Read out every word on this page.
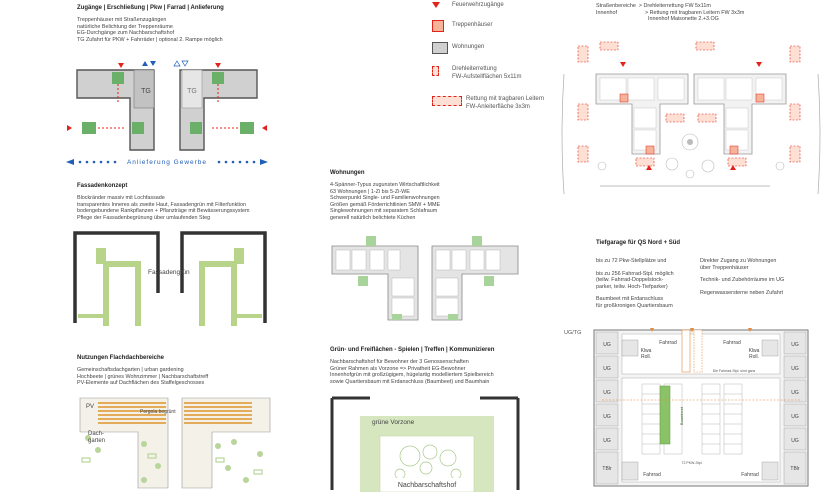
Zugänge | Erschließung | Pkw | Farrad | Anlieferung
Treppenhäuser mit Straßenzugängen
natürliche Belichtung der Treppenräume
EG-Durchgänge zum Nachbarschaftshof
TG Zufahrt für PKW + Fahrräder | optional 2. Rampe möglich
TG	TG
Anlieferung Gewerbe
Fassadenkonzept
Blockränder massiv mit Lochfassade
transparentes Inneres als zweite Haut, Fassadengrün mit Filterfunktion
bodengebundene Rankpflanzen + Pflanzträge mit Bewässerungssystem
Pflege der Fassadenbegrünung über umlaufenden Steg
Fassadengrün
Nutzungen Flachdachbereiche
Gemeinschaftsdachgarten | urban gardening
Hochbeete | grünes Wohnzimmer | Nachbarschaftstreff
PV-Elemente auf Dachflächen des Staffelgeschosses
PV
Pergola begrünt
Dach-
garten
Feuerwehrzugänge
Treppenhäuser
Wohnungen
Drehleiterrettung
FW-Aufstellflächen 5x11m
Rettung mit tragbaren Leitern
FW-Anleiterfläche 3x3m
Straßenbereiche > Drehleiterrettung FW 5x11m
Innenhof	> Rettung mit tragbaren Leitern FW 3x3m
Innenhof Maisonette 2.+3.OG
Wohnungen
4-Spänner-Typus zugunsten Wirtschaftlichkeit
63 Wohnungen | 1-Zi bis 5-Zi-WE
Schwerpunkt Single- und Familienwohnungen
Größen gemäß Förderrichtlinien SMW + MME
Singlewohnungen mit separatem Schlafraum
generell natürlich belichtete Küchen
Grün- und Freiflächen - Spielen | Treffen | Kommunizieren
Nachbarschaftshof für Bewohner der 3 Genossenschaften
Grüner Rahmen als Vorzone => Privatheit EG-Bewohner
Innenhofgrün mit großzügigem, hügelartig modelliertem Spielbereich
sowie Quartiersbaum mit Erdanschluss (Baumbeet) und Baumhain
grüne Vorzone
Nachbarschaftshof
Tiefgarage für QS Nord + Süd
bis zu 72 Pkw-Stellplätze und
bis zu 256 Fahrrad-Stpl. möglich
(teilw. Fahrrad-Doppelstock-
parker, teilw. Hoch-Tiefparker)
Baumbeet mit Erdanschluss
für großkronigen Quartiersbaum
Direkter Zugang zu Wohnungen
über Treppenhäuser
Technik- und Zubehörräume im UG
Regenwassersterne neben Zufahrt
UG/TG
UG
UG
UG
UG
UG
TBlr
UG
UG
UG
UG
UG
TBlr
Klwa
Roll.
Klwa
Roll.
Fahrrad	Fahrrad
Fahrrad	Fahrrad
Die Fahrrad-Stpl. sind ganz
72 PKW-Stpl.
Baumbeet
